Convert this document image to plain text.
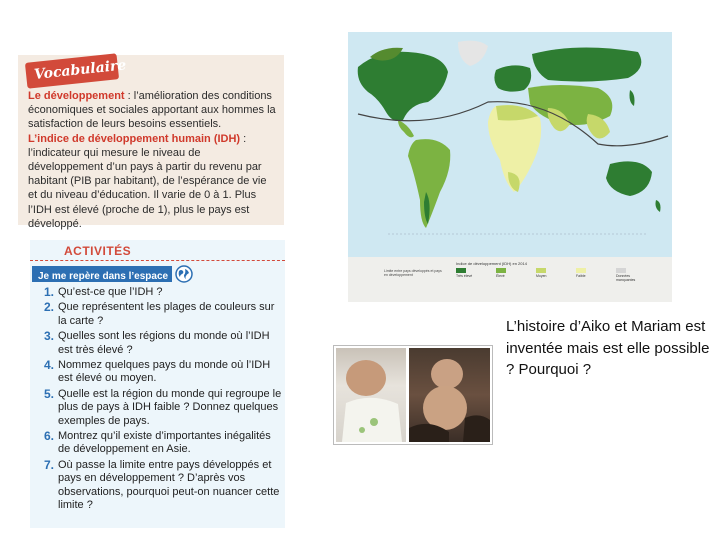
Vocabulaire
Le développement : l’amélioration des conditions économiques et sociales apportant aux hommes la satisfaction de leurs besoins essentiels.
L’indice de développement humain (IDH) : l’indicateur qui mesure le niveau de développement d’un pays à partir du revenu par habitant (PIB par habitant), de l’espérance de vie et du niveau d’éducation. Il varie de 0 à 1. Plus l’IDH est élevé (proche de 1), plus le pays est développé.
ACTIVITÉS
Je me repère dans l’espace
1. Qu’est-ce que l’IDH ?
2. Que représentent les plages de couleurs sur la carte ?
3. Quelles sont les régions du monde où l’IDH est très élevé ?
4. Nommez quelques pays du monde où l’IDH est élevé ou moyen.
5. Quelle est la région du monde qui regroupe le plus de pays à IDH faible ? Donnez quelques exemples de pays.
6. Montrez qu’il existe d’importantes inégalités de développement en Asie.
7. Où passe la limite entre pays développés et pays en développement ? D’après vos observations, pourquoi peut-on nuancer cette limite ?
Limite entre pays développés et pays en développement
Indice de développement (IDH) en 2014
Très élevé	Élevé	Moyen	Faible	Données manquantes
L’histoire d’Aiko et Mariam est inventée mais est elle possible ? Pourquoi ?
